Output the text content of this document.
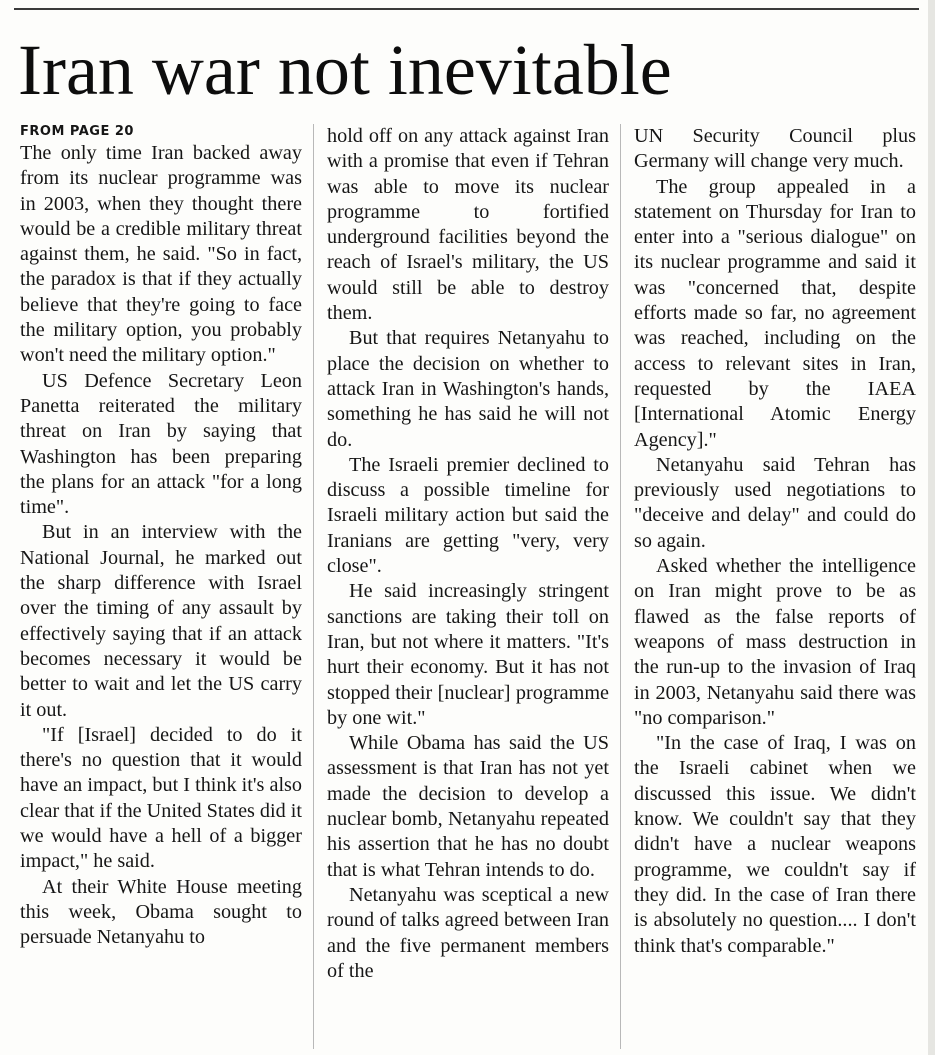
Iran war not inevitable
FROM PAGE 20

The only time Iran backed away from its nuclear programme was in 2003, when they thought there would be a credible military threat against them, he said. "So in fact, the paradox is that if they actually believe that they're going to face the military option, you probably won't need the military option."

US Defence Secretary Leon Panetta reiterated the military threat on Iran by saying that Washington has been preparing the plans for an attack "for a long time".

But in an interview with the National Journal, he marked out the sharp difference with Israel over the timing of any assault by effectively saying that if an attack becomes necessary it would be better to wait and let the US carry it out.

"If [Israel] decided to do it there's no question that it would have an impact, but I think it's also clear that if the United States did it we would have a hell of a bigger impact," he said.

At their White House meeting this week, Obama sought to persuade Netanyahu to

hold off on any attack against Iran with a promise that even if Tehran was able to move its nuclear programme to fortified underground facilities beyond the reach of Israel's military, the US would still be able to destroy them.

But that requires Netanyahu to place the decision on whether to attack Iran in Washington's hands, something he has said he will not do.

The Israeli premier declined to discuss a possible timeline for Israeli military action but said the Iranians are getting "very, very close".

He said increasingly stringent sanctions are taking their toll on Iran, but not where it matters. "It's hurt their economy. But it has not stopped their [nuclear] programme by one wit."

While Obama has said the US assessment is that Iran has not yet made the decision to develop a nuclear bomb, Netanyahu repeated his assertion that he has no doubt that is what Tehran intends to do.

Netanyahu was sceptical a new round of talks agreed between Iran and the five permanent members of the

UN Security Council plus Germany will change very much.

The group appealed in a statement on Thursday for Iran to enter into a "serious dialogue" on its nuclear programme and said it was "concerned that, despite efforts made so far, no agreement was reached, including on the access to relevant sites in Iran, requested by the IAEA [International Atomic Energy Agency]."

Netanyahu said Tehran has previously used negotiations to "deceive and delay" and could do so again.

Asked whether the intelligence on Iran might prove to be as flawed as the false reports of weapons of mass destruction in the run-up to the invasion of Iraq in 2003, Netanyahu said there was "no comparison."

"In the case of Iraq, I was on the Israeli cabinet when we discussed this issue. We didn't know. We couldn't say that they didn't have a nuclear weapons programme, we couldn't say if they did. In the case of Iran there is absolutely no question.... I don't think that's comparable."
